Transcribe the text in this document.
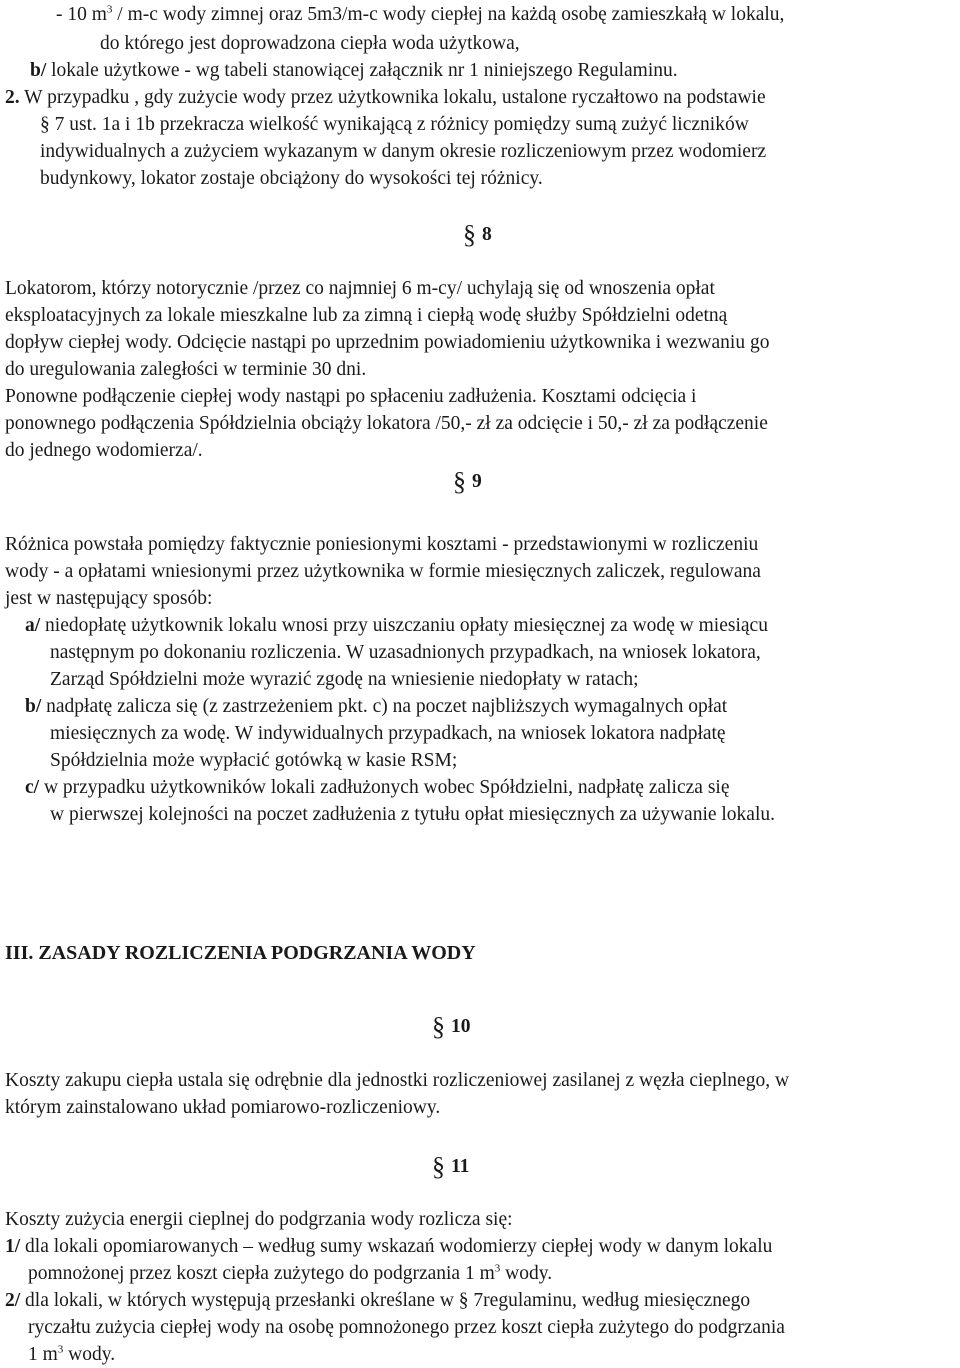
- 10 $m^3 / m-c$ wody zimnej oraz 5m3/m-c wody ciepłej na każdą osobę zamieszkałą w lokalu,
do którego jest doprowadzona ciepła woda użytkowa,
b/ lokale użytkowe - wg tabeli stanowiącej załącznik nr 1 niniejszego Regulaminu.
2. W przypadku , gdy zużycie wody przez użytkownika lokalu, ustalone ryczałtowo na podstawie
§ 7 ust. 1a i 1b przekracza wielkość wynikającą z różnicy pomiędzy sumą zużyć liczników
indywidualnych a zużyciem wykazanym w danym okresie rozliczeniowym przez wodomierz
budynkowy, lokator zostaje obciążony do wysokości tej różnicy.
§ 8
Lokatorom, którzy notorycznie /przez co najmniej 6 m-cy/ uchylają się od wnoszenia opłat
eksploatacyjnych za lokale mieszkalne lub za zimną i ciepłą wodę służby Spółdzielni odetną
dopływ ciepłej wody. Odcięcie nastąpi po uprzednim powiadomieniu użytkownika i wezwaniu go
do uregulowania zaległości w terminie 30 dni.
Ponowne podłączenie ciepłej wody nastąpi po spłaceniu zadłużenia. Kosztami odcięcia i
ponownego podłączenia Spółdzielnia obciąży lokatora /50,- zł za odcięcie i 50,- zł za podłączenie
do jednego wodomierza/.
§ 9
Różnica powstała pomiędzy faktycznie poniesionymi kosztami - przedstawionymi w rozliczeniu
wody - a opłatami wniesionymi przez użytkownika w formie miesięcznych zaliczek, regulowana
jest w następujący sposób:
a/ niedopłatę użytkownik lokalu wnosi przy uiszczaniu opłaty miesięcznej za wodę w miesiącu
następnym po dokonaniu rozliczenia. W uzasadnionych przypadkach, na wniosek lokatora,
Zarząd Spółdzielni może wyrazić zgodę na wniesienie niedopłaty w ratach;
b/ nadpłatę zalicza się (z zastrzeżeniem pkt. c) na poczet najbliższych wymagalnych opłat
miesięcznych za wodę. W indywidualnych przypadkach, na wniosek lokatora nadpłatę
Spółdzielnia może wypłacić gotówką w kasie RSM;
c/ w przypadku użytkowników lokali zadłużonych wobec Spółdzielni, nadpłatę zalicza się
w pierwszej kolejności na poczet zadłużenia z tytułu opłat miesięcznych za używanie lokalu.
III. ZASADY ROZLICZENIA PODGRZANIA WODY
§ 10
Koszty zakupu ciepła ustala się odrębnie dla jednostki rozliczeniowej zasilanej z węzła cieplnego, w
którym zainstalowano układ pomiarowo-rozliczeniowy.
§ 11
Koszty zużycia energii cieplnej do podgrzania wody rozlicza się:
1/ dla lokali opomiarowanych – według sumy wskazań wodomierzy ciepłej wody w danym lokalu
pomnożonej przez koszt ciepła zużytego do podgrzania 1 $m^3$ wody.
2/ dla lokali, w których występują przesłanki określane w § 7regulaminu, według miesięcznego
ryczałtu zużycia ciepłej wody na osobę pomnożonego przez koszt ciepła zużytego do podgrzania
1 $m^3$ wody.
